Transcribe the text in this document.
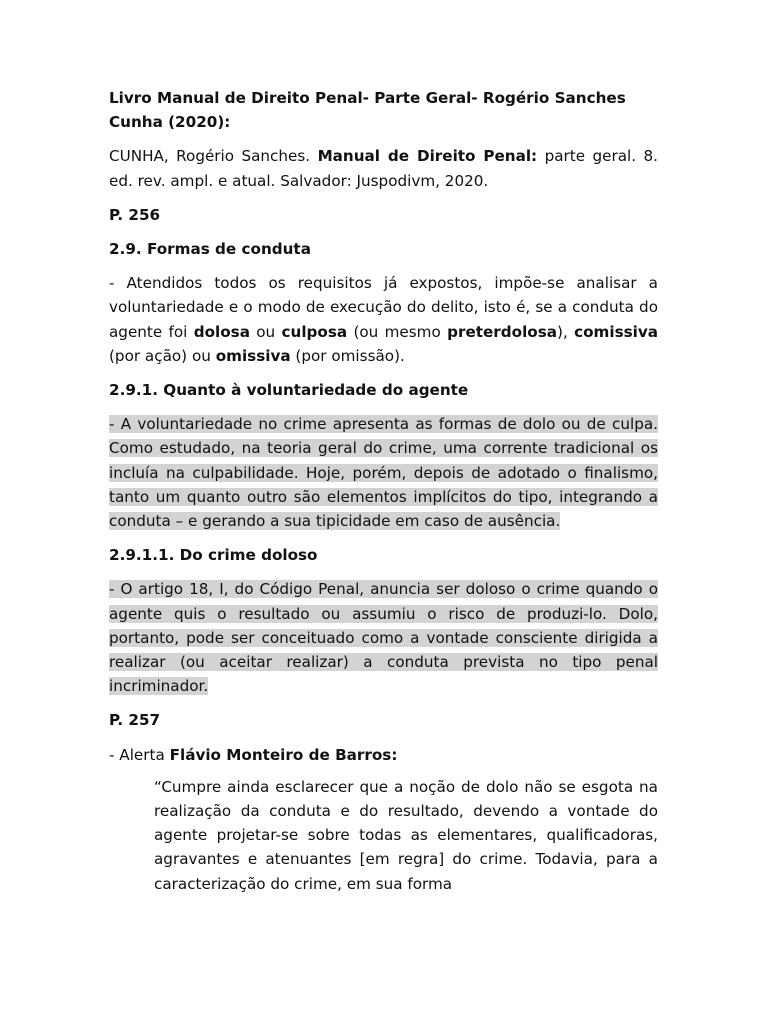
Livro Manual de Direito Penal- Parte Geral- Rogério Sanches Cunha (2020):

CUNHA, Rogério Sanches. Manual de Direito Penal: parte geral. 8. ed. rev. ampl. e atual. Salvador: Juspodivm, 2020.

P. 256
2.9. Formas de conduta

- Atendidos todos os requisitos já expostos, impõe-se analisar a voluntariedade e o modo de execução do delito, isto é, se a conduta do agente foi dolosa ou culposa (ou mesmo preterdolosa), comissiva (por ação) ou omissiva (por omissão).

2.9.1. Quanto à voluntariedade do agente

- A voluntariedade no crime apresenta as formas de dolo ou de culpa. Como estudado, na teoria geral do crime, uma corrente tradicional os incluía na culpabilidade. Hoje, porém, depois de adotado o finalismo, tanto um quanto outro são elementos implícitos do tipo, integrando a conduta – e gerando a sua tipicidade em caso de ausência.

2.9.1.1. Do crime doloso

- O artigo 18, I, do Código Penal, anuncia ser doloso o crime quando o agente quis o resultado ou assumiu o risco de produzi-lo. Dolo, portanto, pode ser conceituado como a vontade consciente dirigida a realizar (ou aceitar realizar) a conduta prevista no tipo penal incriminador.

P. 257

- Alerta Flávio Monteiro de Barros:

“Cumpre ainda esclarecer que a noção de dolo não se esgota na realização da conduta e do resultado, devendo a vontade do agente projetar-se sobre todas as elementares, qualificadoras, agravantes e atenuantes [em regra] do crime. Todavia, para a caracterização do crime, em sua forma
